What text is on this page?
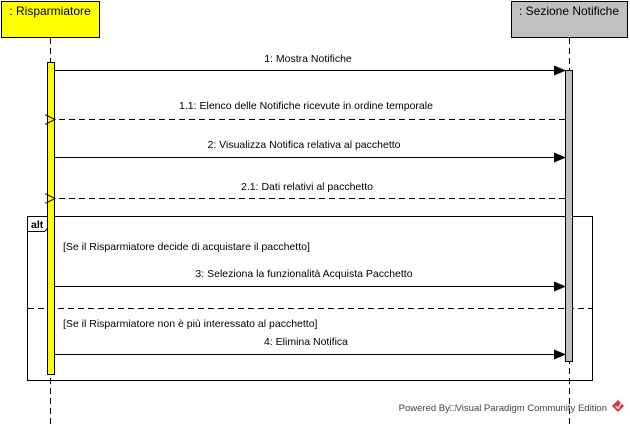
: Risparmiatore	: Sezione Notifiche
alt
[Se il Risparmiatore decide di acquistare il pacchetto]
[Se il Risparmiatore non è più interessato al pacchetto]
1: Mostra Notifiche
1.1: Elenco delle Notifiche ricevute in ordine temporale
2: Visualizza Notifica relativa al pacchetto
2.1: Dati relativi al pacchetto
3: Seleziona la funzionalità Acquista Pacchetto
4: Elimina Notifica
Powered By□Visual Paradigm Community Edition
